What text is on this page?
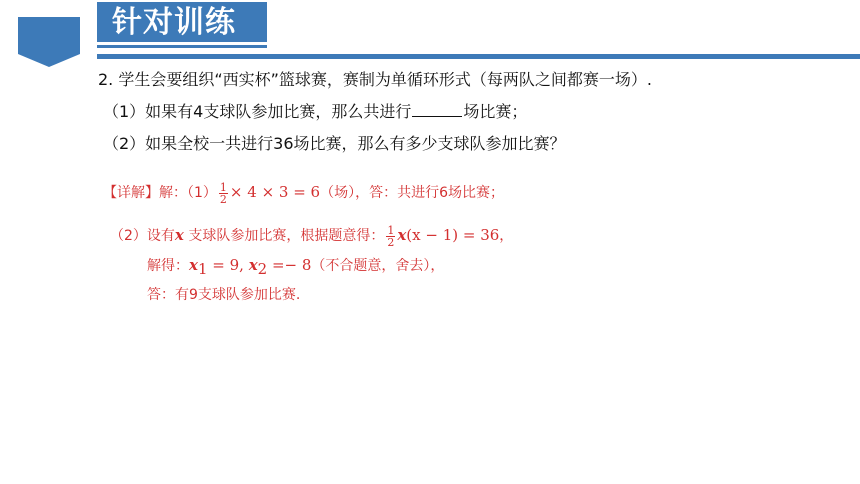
针对训练
2. 学生会要组织“西实杯”篮球赛，赛制为单循环形式（每两队之间都赛一场）.
（1）如果有4支球队参加比赛，那么共进行	场比赛；
（2）如果全校一共进行36场比赛，那么有多少支球队参加比赛？
【详解】解：$(1) \frac{1}{2} \times 4 \times 3 = 6$（场），答：共进行6场比赛；
（2）设有x 支球队参加比赛，根据题意得： $\frac{1}{2} x(x - 1) = 36$，
解得：$x_1 = 9$, $x_2 =- 8$（不合题意，舍去），
答：有9支球队参加比赛.
